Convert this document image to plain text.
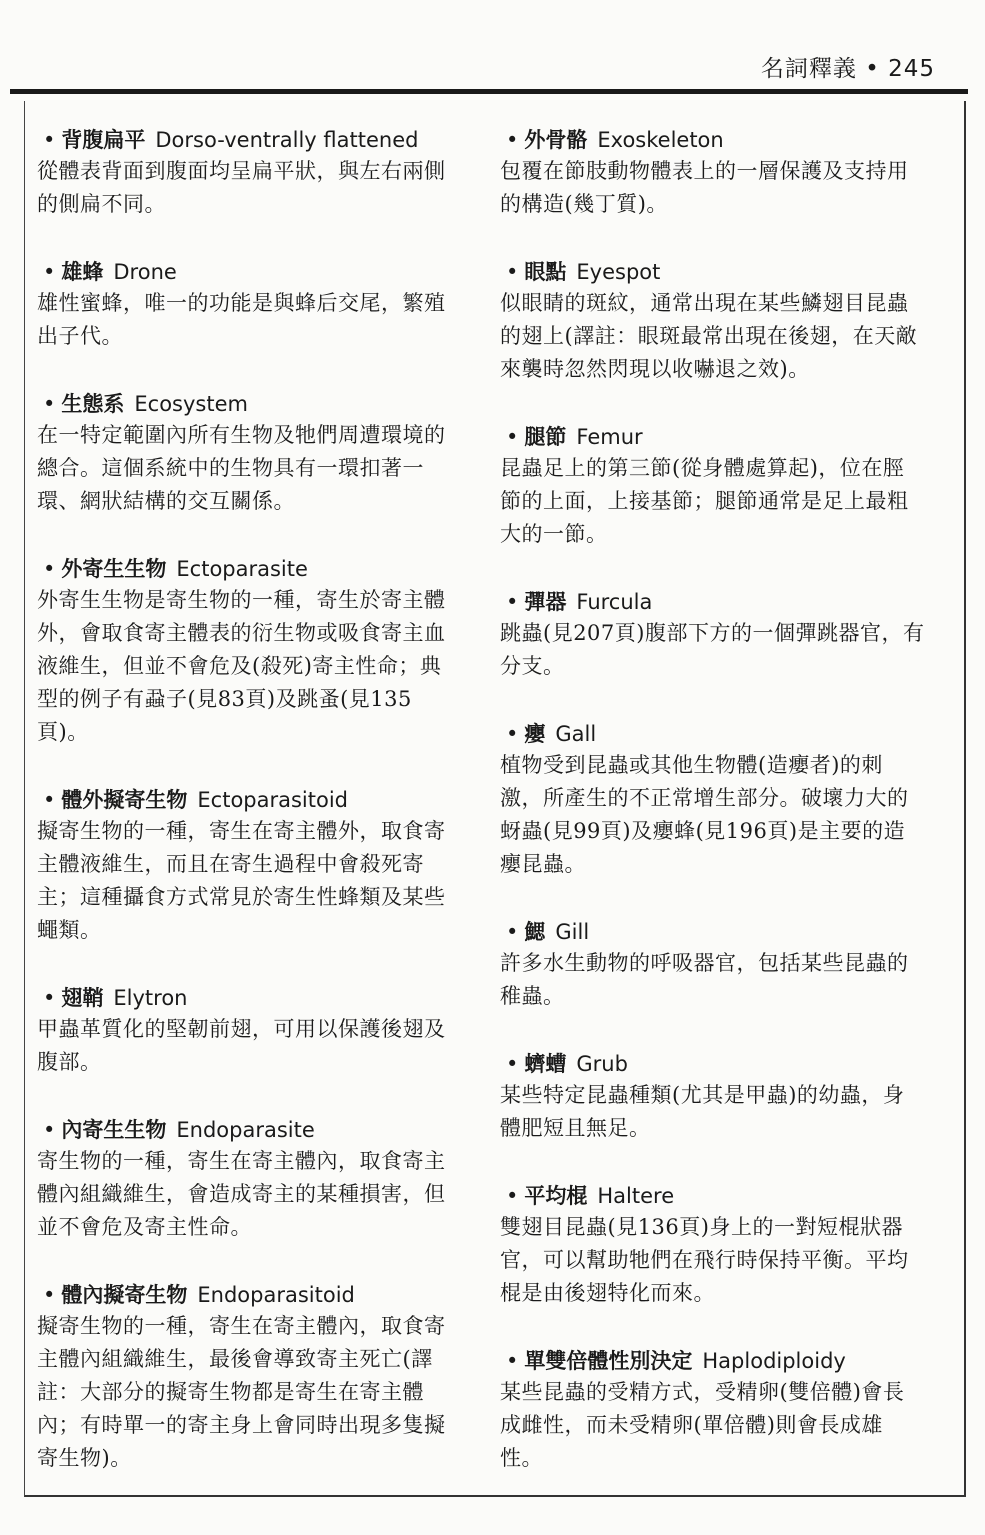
名詞釋義 • 245
• 背腹扁平 Dorso-ventrally flattened
從體表背面到腹面均呈扁平狀，與左右兩側的側扁不同。
• 雄蜂 Drone
雄性蜜蜂，唯一的功能是與蜂后交尾，繁殖出子代。
• 生態系 Ecosystem
在一特定範圍內所有生物及牠們周遭環境的總合。這個系統中的生物具有一環扣著一環、網狀結構的交互關係。
• 外寄生生物 Ectoparasite
外寄生生物是寄生物的一種，寄生於寄主體外，會取食寄主體表的衍生物或吸食寄主血液維生，但並不會危及(殺死)寄主性命；典型的例子有蝨子(見83頁)及跳蚤(見135頁)。
• 體外擬寄生物 Ectoparasitoid
擬寄生物的一種，寄生在寄主體外，取食寄主體液維生，而且在寄生過程中會殺死寄主；這種攝食方式常見於寄生性蜂類及某些蠅類。
• 翅鞘 Elytron
甲蟲革質化的堅韌前翅，可用以保護後翅及腹部。
• 內寄生生物 Endoparasite
寄生物的一種，寄生在寄主體內，取食寄主體內組織維生，會造成寄主的某種損害，但並不會危及寄主性命。
• 體內擬寄生物 Endoparasitoid
擬寄生物的一種，寄生在寄主體內，取食寄主體內組織維生，最後會導致寄主死亡(譯註：大部分的擬寄生物都是寄生在寄主體內；有時單一的寄主身上會同時出現多隻擬寄生物)。
• 外骨骼 Exoskeleton
包覆在節肢動物體表上的一層保護及支持用的構造(幾丁質)。
• 眼點 Eyespot
似眼睛的斑紋，通常出現在某些鱗翅目昆蟲的翅上(譯註：眼斑最常出現在後翅，在天敵來襲時忽然閃現以收嚇退之效)。
• 腿節 Femur
昆蟲足上的第三節(從身體處算起)，位在脛節的上面，上接基節；腿節通常是足上最粗大的一節。
• 彈器 Furcula
跳蟲(見207頁)腹部下方的一個彈跳器官，有分支。
• 癭 Gall
植物受到昆蟲或其他生物體(造癭者)的刺激，所產生的不正常增生部分。破壞力大的蚜蟲(見99頁)及癭蜂(見196頁)是主要的造癭昆蟲。
• 鰓 Gill
許多水生動物的呼吸器官，包括某些昆蟲的稚蟲。
• 蠐螬 Grub
某些特定昆蟲種類(尤其是甲蟲)的幼蟲，身體肥短且無足。
• 平均棍 Haltere
雙翅目昆蟲(見136頁)身上的一對短棍狀器官，可以幫助牠們在飛行時保持平衡。平均棍是由後翅特化而來。
• 單雙倍體性別決定 Haplodiploidy
某些昆蟲的受精方式，受精卵(雙倍體)會長成雌性，而未受精卵(單倍體)則會長成雄性。
